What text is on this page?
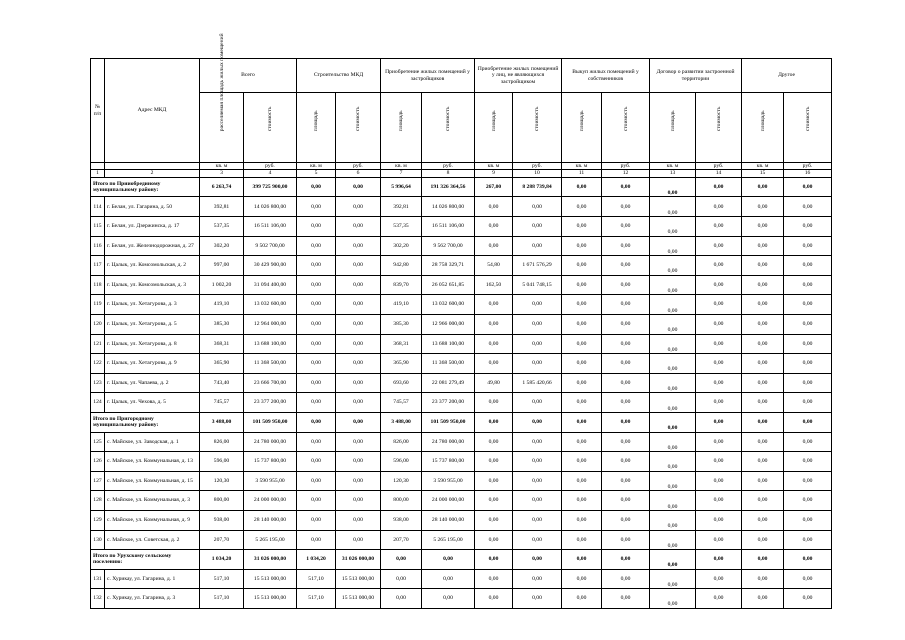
№ п/п	Адрес МКД	Всего		Строительство МКД		Приобретение жилых помещений у застройщиков		Приобретение жилых помещений у лиц, не являющихся застройщиком		Выкуп жилых помещений у собственников		Договор о развитии застроенной территории		Другое	

		расселяемая площадь жилых помещений	стоимость	площадь	стоимость	площадь	стоимость	площадь	стоимость	площадь	стоимость	площадь	стоимость	площадь	стоимость

		кв. м	руб.	кв. м	руб.	кв. м	руб.	кв. м	руб.	кв. м	руб.	кв. м	руб.	кв. м	руб.
1	2	3	4	5	6	7	8	9	10	11	12	13	14	15	16
Итого по Прииобрединому муниципальному району:		6 263,74	399 725 900,00	0,00	0,00	5 996,64	191 326 364,56	267,00	8 288 739,84	0,00	0,00	0,00	0,00	0,00	0,00
114	г. Белан, ул. Гагарина, д. 50	392,81	14 026 800,00	0,00	0,00	392,81	14 026 800,00	0,00	0,00	0,00	0,00	0,00	0,00	0,00	0,00
115	г. Белан, ул. Дзержинска, д. 17	537,35	16 511 106,00	0,00	0,00	537,35	16 511 106,00	0,00	0,00	0,00	0,00	0,00	0,00	0,00	0,00
116	г. Белан, ул. Железнодорожная, д. 27	302,20	9 502 700,00	0,00	0,00	302,20	9 562 700,00	0,00	0,00	0,00	0,00	0,00	0,00	0,00	0,00
117	г. Цалык, ул. Комсомольская, д. 2	997,00	30 429 900,00	0,00	0,00	942,80	28 758 329,71	54,80	1 671 576,29	0,00	0,00	0,00	0,00	0,00	0,00
118	г. Цалык, ул. Комсомольская, д. 3	1 002,20	31 094 400,00	0,00	0,00	839,70	26 052 651,85	162,50	5 041 748,15	0,00	0,00	0,00	0,00	0,00	0,00
119	г. Цалык, ул. Хетагурова, д. 3	419,10	13 032 600,00	0,00	0,00	419,10	13 032 600,00	0,00	0,00	0,00	0,00	0,00	0,00	0,00	0,00
120	г. Цалык, ул. Хетагурова, д. 5	385,30	12 964 000,00	0,00	0,00	385,30	12 966 000,00	0,00	0,00	0,00	0,00	0,00	0,00	0,00	0,00
121	г. Цалык, ул. Хетагурова, д. 8	368,31	13 688 100,00	0,00	0,00	368,31	13 688 100,00	0,00	0,00	0,00	0,00	0,00	0,00	0,00	0,00
122	г. Цалык, ул. Хетагурова, д. 9	365,90	11 368 500,00	0,00	0,00	365,90	11 368 500,00	0,00	0,00	0,00	0,00	0,00	0,00	0,00	0,00
123	г. Цалык, ул. Чапаева, д. 2	743,40	23 666 700,00	0,00	0,00	693,60	22 081 279,49	49,80	1 585 420,66	0,00	0,00	0,00	0,00	0,00	0,00
124	г. Цалык, ул. Чехова, д. 5	745,57	23 377 200,00	0,00	0,00	745,57	23 377 200,00	0,00	0,00	0,00	0,00	0,00	0,00	0,00	0,00
Итого по Пригородному муниципальному району:		3 488,00	101 509 950,00	0,00	0,00	3 488,00	101 509 950,00	0,00	0,00	0,00	0,00	0,00	0,00	0,00	0,00
125	с. Майское, ул. Заводская, д. 1	826,00	24 780 000,00	0,00	0,00	826,00	24 780 000,00	0,00	0,00	0,00	0,00	0,00	0,00	0,00	0,00
126	с. Майское, ул. Коммунальная, д. 13	596,00	15 737 800,00	0,00	0,00	596,00	15 737 800,00	0,00	0,00	0,00	0,00	0,00	0,00	0,00	0,00
127	с. Майское, ул. Коммунальная, д. 15	120,30	3 590 955,00	0,00	0,00	120,30	3 590 955,00	0,00	0,00	0,00	0,00	0,00	0,00	0,00	0,00
128	с. Майское, ул. Коммунальная, д. 3	800,00	24 000 000,00	0,00	0,00	800,00	24 000 000,00	0,00	0,00	0,00	0,00	0,00	0,00	0,00	0,00
129	с. Майское, ул. Коммунальная, д. 9	938,00	28 140 000,00	0,00	0,00	938,00	28 140 000,00	0,00	0,00	0,00	0,00	0,00	0,00	0,00	0,00
130	с. Майское, ул. Советская, д. 2	207,70	5 265 195,00	0,00	0,00	207,70	5 265 195,00	0,00	0,00	0,00	0,00	0,00	0,00	0,00	0,00
Итого по Урухскому сельскому поселению:		1 034,20	31 026 000,00	1 034,20	31 026 000,00	0,00	0,00	0,00	0,00	0,00	0,00	0,00	0,00	0,00	0,00
131	с. Хурикау, ул. Гагарина, д. 1	517,10	15 513 000,00	517,10	15 513 000,00	0,00	0,00	0,00	0,00	0,00	0,00	0,00	0,00	0,00	0,00
132	с. Хурикау, ул. Гагарина, д. 3	517,10	15 513 000,00	517,10	15 513 000,00	0,00	0,00	0,00	0,00	0,00	0,00	0,00	0,00	0,00	0,00
